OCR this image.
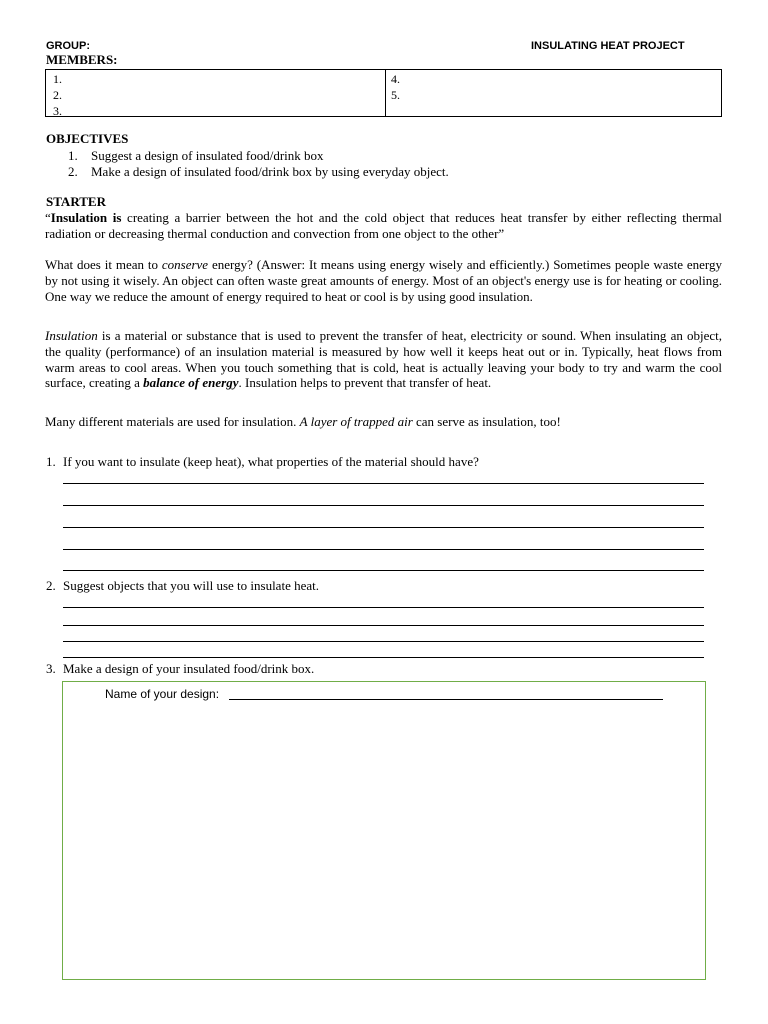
GROUP:	INSULATING HEAT PROJECT
MEMBERS:
1.
2.
3.
4.
5.
OBJECTIVES
1. Suggest a design of insulated food/drink box
2. Make a design of insulated food/drink box by using everyday object.
STARTER
“Insulation is creating a barrier between the hot and the cold object that reduces heat transfer by either reflecting thermal radiation or decreasing thermal conduction and convection from one object to the other”
What does it mean to conserve energy? (Answer: It means using energy wisely and efficiently.) Sometimes people waste energy by not using it wisely. An object can often waste great amounts of energy. Most of an object's energy use is for heating or cooling. One way we reduce the amount of energy required to heat or cool is by using good insulation.
Insulation is a material or substance that is used to prevent the transfer of heat, electricity or sound. When insulating an object, the quality (performance) of an insulation material is measured by how well it keeps heat out or in. Typically, heat flows from warm areas to cool areas. When you touch something that is cold, heat is actually leaving your body to try and warm the cool surface, creating a balance of energy. Insulation helps to prevent that transfer of heat.
Many different materials are used for insulation. A layer of trapped air can serve as insulation, too!
1. If you want to insulate (keep heat), what properties of the material should have?
2. Suggest objects that you will use to insulate heat.
3. Make a design of your insulated food/drink box.
Name of your design:
